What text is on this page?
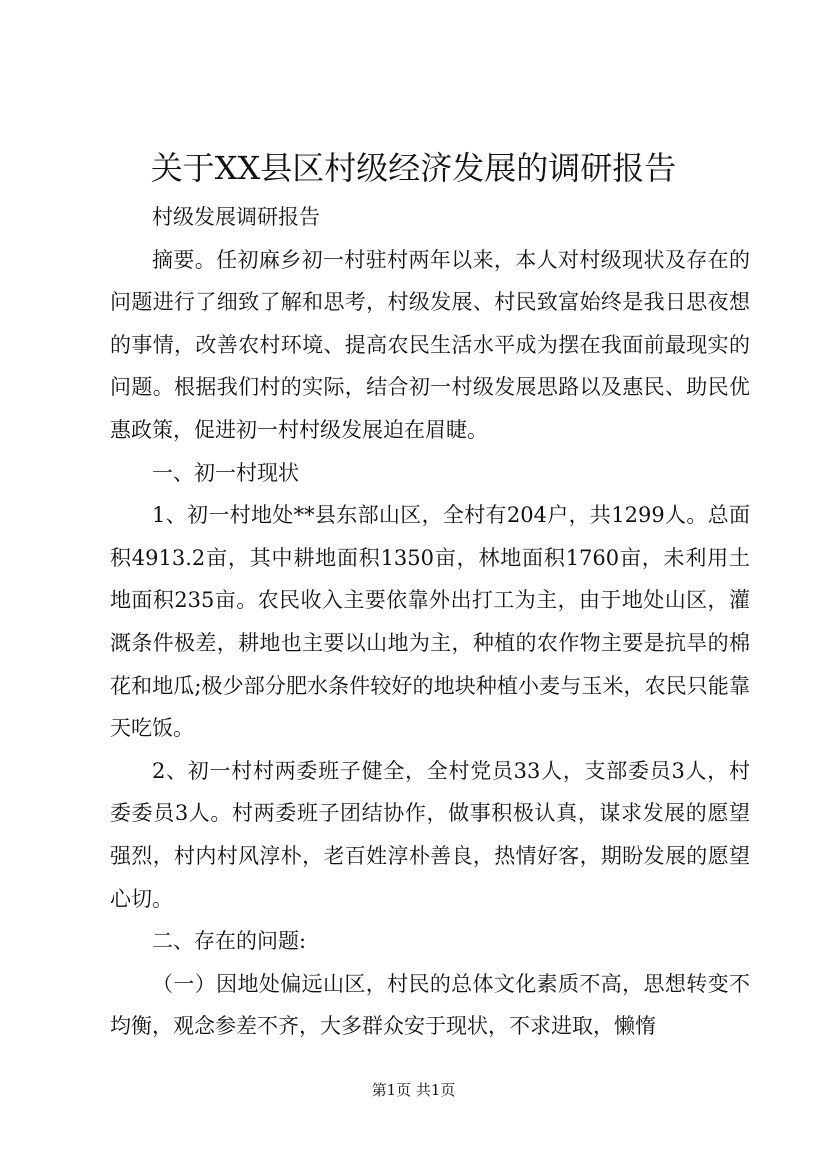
关于XX县区村级经济发展的调研报告

村级发展调研报告

摘要。任初麻乡初一村驻村两年以来，本人对村级现状及存在的问题进行了细致了解和思考，村级发展、村民致富始终是我日思夜想的事情，改善农村环境、提高农民生活水平成为摆在我面前最现实的问题。根据我们村的实际，结合初一村级发展思路以及惠民、助民优惠政策，促进初一村村级发展迫在眉睫。

一、初一村现状

1、初一村地处**县东部山区，全村有204户，共1299人。总面积4913.2亩，其中耕地面积1350亩，林地面积1760亩，未利用土地面积235亩。农民收入主要依靠外出打工为主，由于地处山区，灌溉条件极差，耕地也主要以山地为主，种植的农作物主要是抗旱的棉花和地瓜;极少部分肥水条件较好的地块种植小麦与玉米，农民只能靠天吃饭。

2、初一村村两委班子健全，全村党员33人，支部委员3人，村委委员3人。村两委班子团结协作，做事积极认真，谋求发展的愿望强烈，村内村风淳朴，老百姓淳朴善良，热情好客，期盼发展的愿望心切。

二、存在的问题:

（一）因地处偏远山区，村民的总体文化素质不高，思想转变不均衡，观念参差不齐，大多群众安于现状，不求进取，懒惰

第1页 共1页
